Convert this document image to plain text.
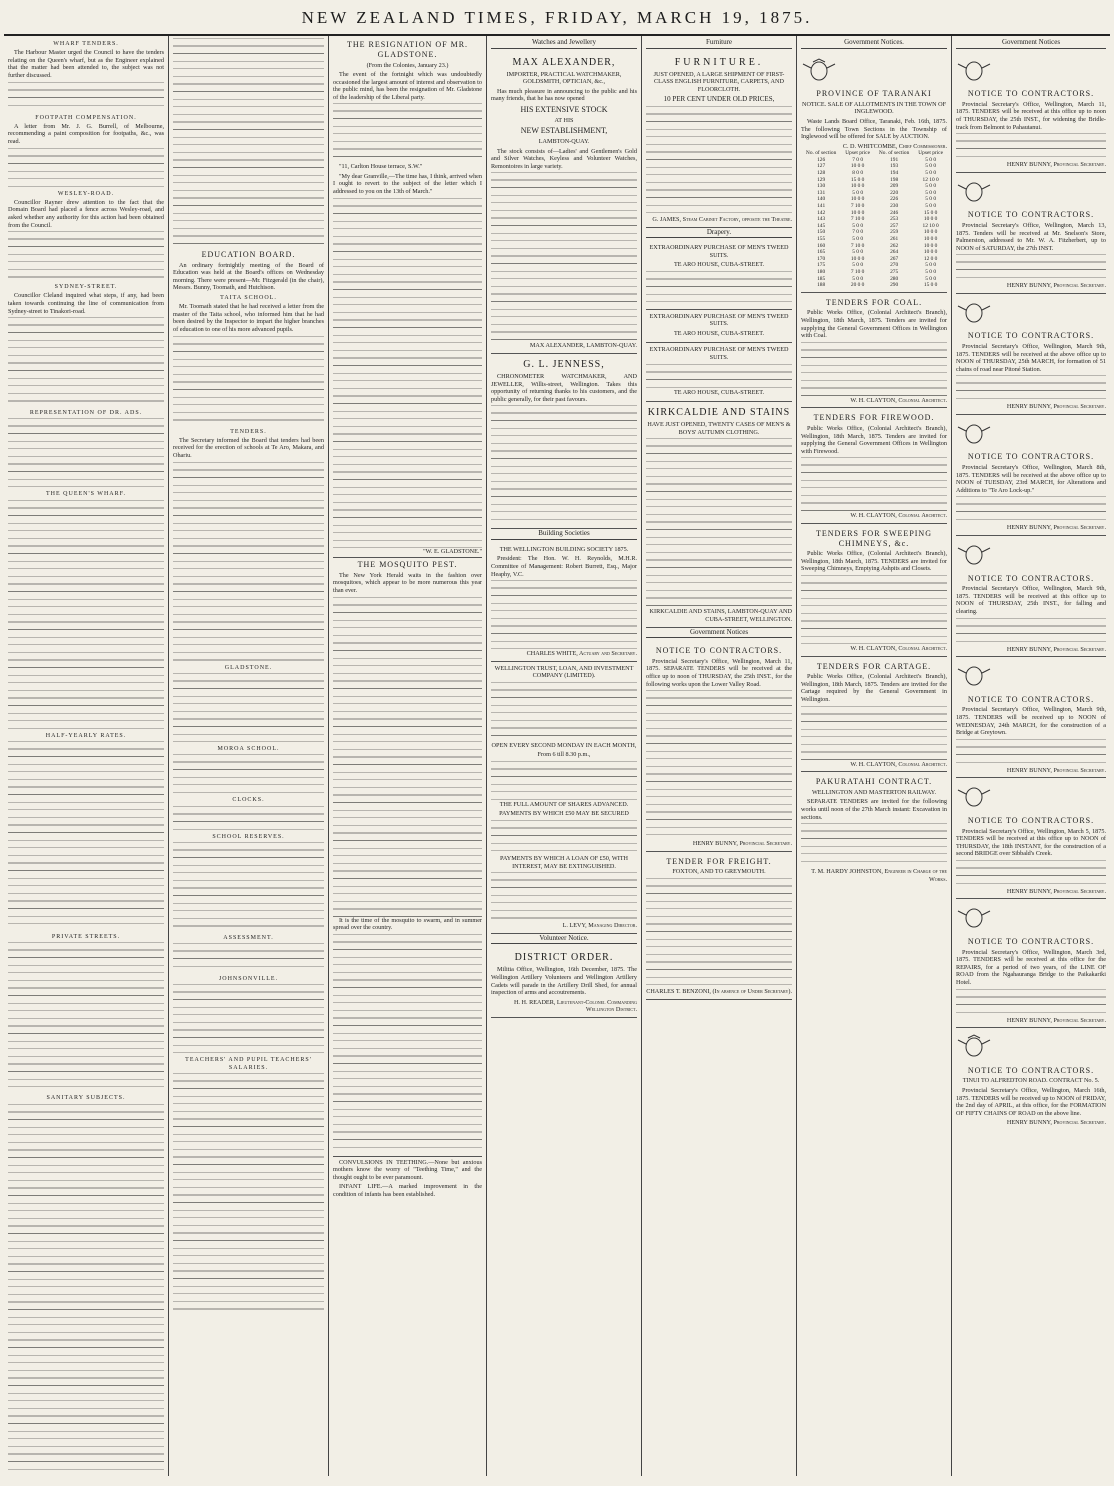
NEW ZEALAND TIMES, FRIDAY, MARCH 19, 1875.
WHARF TENDERS.

The Harbour Master urged the Council to have the tenders relating on the Queen's wharf, but as the Engineer explained that the matter had been attended to, the subject was not further discussed.

FOOTPATH COMPENSATION.

A letter from Mr. J. G. Burrell, of Melbourne, recommending a paint composition for footpaths, &c., was read.

WESLEY-ROAD.

Councillor Rayner drew attention to the fact that the Domain Board had placed a fence across Wesley-road, and asked whether any authority for this action had been obtained from the Council.

SYDNEY-STREET.

Councillor Cleland inquired what steps, if any, had been taken towards continuing the line of communication from Sydney-street to Tinakori-road.

REPRESENTATION OF DR. ADS.
THE QUEEN'S WHARF.
HALF-YEARLY RATES.
PRIVATE STREETS.
SANITARY SUBJECTS.
EDUCATION BOARD.

An ordinary fortnightly meeting of the Board of Education was held at the Board's offices on Wednesday morning. There were present—Mr. Fitzgerald (in the chair), Messrs. Bunny, Toomath, and Hutchison.

TAITA SCHOOL.

Mr. Toomath stated that he had received a letter from the master of the Taita school, who informed him that he had been desired by the Inspector to impart the higher branches of education to one of his more advanced pupils.

TENDERS.

The Secretary informed the Board that tenders had been received for the erection of schools at Te Aro, Makara, and Ohariu.

GLADSTONE.
MOROA SCHOOL.
CLOCKS.
SCHOOL RESERVES.
ASSESSMENT.
JOHNSONVILLE.
TEACHERS' AND PUPIL TEACHERS' SALARIES.
THE RESIGNATION OF MR. GLADSTONE.

(From the Colonies, January 23.)

The event of the fortnight which was undoubtedly occasioned the largest amount of interest and observation to the public mind, has been the resignation of Mr. Gladstone of the leadership of the Liberal party.

"11, Carlton House terrace, S.W."

"My dear Granville,—The time has, I think, arrived when I ought to revert to the subject of the letter which I addressed to you on the 13th of March."

"W. E. GLADSTONE."
THE MOSQUITO PEST.

The New York Herald waits in the fashion over mosquitoes, which appear to be more numerous this year than ever.

It is the time of the mosquito to swarm, and in summer spread over the country.

CONVULSIONS IN TEETHING.—None but anxious mothers know the worry of "Teething Time," and the thought ought to be ever paramount.

INFANT LIFE.—A marked improvement in the condition of infants has been established.

Watches and Jewellery
MAX ALEXANDER,

IMPORTER, PRACTICAL WATCHMAKER, GOLDSMITH, OPTICIAN, &c.,

Has much pleasure in announcing to the public and his many friends, that he has now opened

HIS EXTENSIVE STOCK

AT HIS

NEW ESTABLISHMENT,

LAMBTON-QUAY.

The stock consists of—Ladies' and Gentlemen's Gold and Silver Watches, Keyless and Volunteer Watches, Remontoires in large variety.

MAX ALEXANDER, LAMBTON-QUAY.
G. L. JENNESS,

CHRONOMETER WATCHMAKER, AND JEWELLER, Willis-street, Wellington. Takes this opportunity of returning thanks to his customers, and the public generally, for their past favours.

Building Societies

THE WELLINGTON BUILDING SOCIETY 1875.

President: The Hon. W. H. Reynolds, M.H.R. Committee of Management: Robert Burrett, Esq., Major Heaphy, V.C.

CHARLES WHITE, Actuary and Secretary.

WELLINGTON TRUST, LOAN, AND INVESTMENT COMPANY (LIMITED).

OPEN EVERY SECOND MONDAY IN EACH MONTH,

From 6 till 8.30 p.m.,

THE FULL AMOUNT OF SHARES ADVANCED.

PAYMENTS BY WHICH £50 MAY BE SECURED

PAYMENTS BY WHICH A LOAN OF £50, WITH INTEREST, MAY BE EXTINGUISHED.

L. LEVY, Managing Director.
Volunteer Notice.
DISTRICT ORDER.

Militia Office, Wellington, 16th December, 1875. The Wellington Artillery Volunteers and Wellington Artillery Cadets will parade in the Artillery Drill Shed, for annual inspection of arms and accoutrements.

H. H. READER, Lieutenant-Colonel Commanding Wellington District.
Furniture
FURNITURE.

JUST OPENED, A LARGE SHIPMENT OF FIRST-CLASS ENGLISH FURNITURE, CARPETS, AND FLOORCLOTH.

10 PER CENT UNDER OLD PRICES,

G. JAMES, Steam Cabinet Factory, opposite the Theatre.
Drapery.

EXTRAORDINARY PURCHASE OF MEN'S TWEED SUITS.

TE ARO HOUSE, CUBA-STREET.

EXTRAORDINARY PURCHASE OF MEN'S TWEED SUITS.

TE ARO HOUSE, CUBA-STREET.

EXTRAORDINARY PURCHASE OF MEN'S TWEED SUITS.

TE ARO HOUSE, CUBA-STREET.

KIRKCALDIE AND STAINS

HAVE JUST OPENED, TWENTY CASES OF MEN'S & BOYS' AUTUMN CLOTHING.

KIRKCALDIE AND STAINS, LAMBTON-QUAY AND CUBA-STREET, WELLINGTON.
Government Notices
NOTICE TO CONTRACTORS.

Provincial Secretary's Office, Wellington, March 11, 1875. SEPARATE TENDERS will be received at the office up to noon of THURSDAY, the 25th INST., for the following works upon the Lower Valley Road.

HENRY BUNNY, Provincial Secretary.
TENDER FOR FREIGHT.

FOXTON, AND TO GREYMOUTH.

CHARLES T. BENZONI, (In absence of Under Secretary).
Government Notices.
PROVINCE OF TARANAKI

NOTICE. SALE OF ALLOTMENTS IN THE TOWN OF INGLEWOOD.

Waste Lands Board Office, Taranaki, Feb. 16th, 1875. The following Town Sections in the Township of Inglewood will be offered for SALE by AUCTION.

C. D. WHITCOMBE, Chief Commissioner.
No. of section	Upset price	No. of section	Upset price
126	7 0 0	191	5 0 0
127	10 0 0	193	5 0 0
128	8 0 0	194	5 0 0
129	15 0 0	198	12 10 0
130	10 0 0	209	5 0 0
131	5 0 0	220	5 0 0
140	10 0 0	226	5 0 0
141	7 10 0	230	5 0 0
142	10 0 0	246	15 0 0
143	7 10 0	253	10 0 0
145	5 0 0	257	12 10 0
150	7 0 0	259	10 0 0
155	5 0 0	261	10 0 0
160	7 10 0	262	10 0 0
165	5 0 0	264	10 0 0
170	10 0 0	267	12 0 0
175	5 0 0	270	5 0 0
180	7 10 0	275	5 0 0
185	5 0 0	280	5 0 0
188	20 0 0	290	15 0 0
TENDERS FOR COAL.

Public Works Office, (Colonial Architect's Branch), Wellington, 18th March, 1875. Tenders are invited for supplying the General Government Offices in Wellington with Coal.

W. H. CLAYTON, Colonial Architect.
TENDERS FOR FIREWOOD.

Public Works Office, (Colonial Architect's Branch), Wellington, 18th March, 1875. Tenders are invited for supplying the General Government Offices in Wellington with Firewood.

W. H. CLAYTON, Colonial Architect.
TENDERS FOR SWEEPING CHIMNEYS, &c.

Public Works Office, (Colonial Architect's Branch), Wellington, 18th March, 1875. TENDERS are invited for Sweeping Chimneys, Emptying Ashpits and Closets.

W. H. CLAYTON, Colonial Architect.
TENDERS FOR CARTAGE.

Public Works Office, (Colonial Architect's Branch), Wellington, 18th March, 1875. Tenders are invited for the Cartage required by the General Government in Wellington.

W. H. CLAYTON, Colonial Architect.
PAKURATAHI CONTRACT.

WELLINGTON AND MASTERTON RAILWAY.

SEPARATE TENDERS are invited for the following works until noon of the 27th March instant: Excavation in sections.

T. M. HARDY JOHNSTON, Engineer in Charge of the Works.
Government Notices
NOTICE TO CONTRACTORS.

Provincial Secretary's Office, Wellington, March 11, 1875. TENDERS will be received at this office up to noon of THURSDAY, the 25th INST., for widening the Bridle-track from Belmont to Pahautanui.

HENRY BUNNY, Provincial Secretary.
NOTICE TO CONTRACTORS.

Provincial Secretary's Office, Wellington, March 13, 1875. Tenders will be received at Mr. Snelson's Store, Palmerston, addressed to Mr. W. A. Fitzherbert, up to NOON of SATURDAY, the 27th INST.

HENRY BUNNY, Provincial Secretary.
NOTICE TO CONTRACTORS.

Provincial Secretary's Office, Wellington, March 9th, 1875. TENDERS will be received at the above office up to NOON of THURSDAY, 25th MARCH, for formation of 51 chains of road near Pitoné Station.

HENRY BUNNY, Provincial Secretary.
NOTICE TO CONTRACTORS.

Provincial Secretary's Office, Wellington, March 8th, 1875. TENDERS will be received at the above office up to NOON of TUESDAY, 23rd MARCH, for Alterations and Additions to "Te Aro Lock-up."

HENRY BUNNY, Provincial Secretary.
NOTICE TO CONTRACTORS.

Provincial Secretary's Office, Wellington, March 9th, 1875. TENDERS will be received at this office up to NOON of THURSDAY, 25th INST., for falling and clearing.

HENRY BUNNY, Provincial Secretary.
NOTICE TO CONTRACTORS.

Provincial Secretary's Office, Wellington, March 9th, 1875. TENDERS will be received up to NOON of WEDNESDAY, 24th MARCH, for the construction of a Bridge at Greytown.

HENRY BUNNY, Provincial Secretary.
NOTICE TO CONTRACTORS.

Provincial Secretary's Office, Wellington, March 5, 1875. TENDERS will be received at this office up to NOON of THURSDAY, the 18th INSTANT, for the construction of a second BRIDGE over Sibbald's Creek.

HENRY BUNNY, Provincial Secretary.
NOTICE TO CONTRACTORS.

Provincial Secretary's Office, Wellington, March 3rd, 1875. TENDERS will be received at this office for the REPAIRS, for a period of two years, of the LINE OF ROAD from the Ngahauranga Bridge to the Paikakariki Hotel.

HENRY BUNNY, Provincial Secretary.
NOTICE TO CONTRACTORS.

TINUI TO ALFREDTON ROAD. CONTRACT No. 5.

Provincial Secretary's Office, Wellington, March 16th, 1875. TENDERS will be received up to NOON of FRIDAY, the 2nd day of APRIL, at this office, for the FORMATION OF FIFTY CHAINS OF ROAD on the above line.

HENRY BUNNY, Provincial Secretary.
